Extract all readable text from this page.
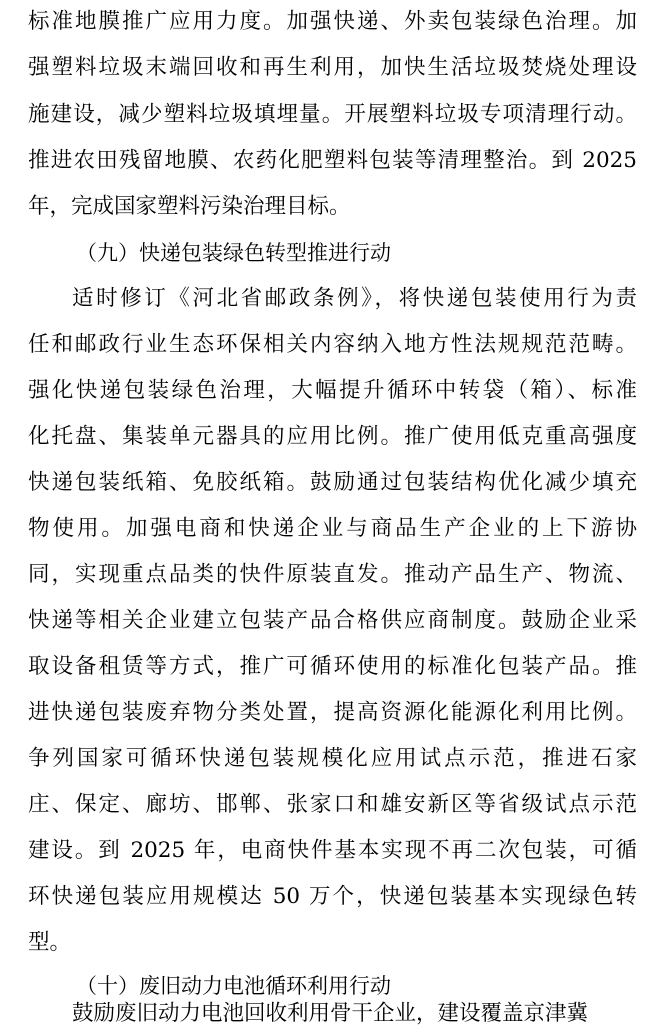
标准地膜推广应用力度。加强快递、外卖包装绿色治理。加
强塑料垃圾末端回收和再生利用，加快生活垃圾焚烧处理设
施建设，减少塑料垃圾填埋量。开展塑料垃圾专项清理行动。
推进农田残留地膜、农药化肥塑料包装等清理整治。到 2025
年，完成国家塑料污染治理目标。
（九）快递包装绿色转型推进行动
适时修订《河北省邮政条例》，将快递包装使用行为责
任和邮政行业生态环保相关内容纳入地方性法规规范范畴。
强化快递包装绿色治理，大幅提升循环中转袋（箱）、标准
化托盘、集装单元器具的应用比例。推广使用低克重高强度
快递包装纸箱、免胶纸箱。鼓励通过包装结构优化减少填充
物使用。加强电商和快递企业与商品生产企业的上下游协
同，实现重点品类的快件原装直发。推动产品生产、物流、
快递等相关企业建立包装产品合格供应商制度。鼓励企业采
取设备租赁等方式，推广可循环使用的标准化包装产品。推
进快递包装废弃物分类处置，提高资源化能源化利用比例。
争列国家可循环快递包装规模化应用试点示范，推进石家
庄、保定、廊坊、邯郸、张家口和雄安新区等省级试点示范
建设。到 2025 年，电商快件基本实现不再二次包装，可循
环快递包装应用规模达 50 万个，快递包装基本实现绿色转
型。
（十）废旧动力电池循环利用行动
鼓励废旧动力电池回收利用骨干企业，建设覆盖京津冀
